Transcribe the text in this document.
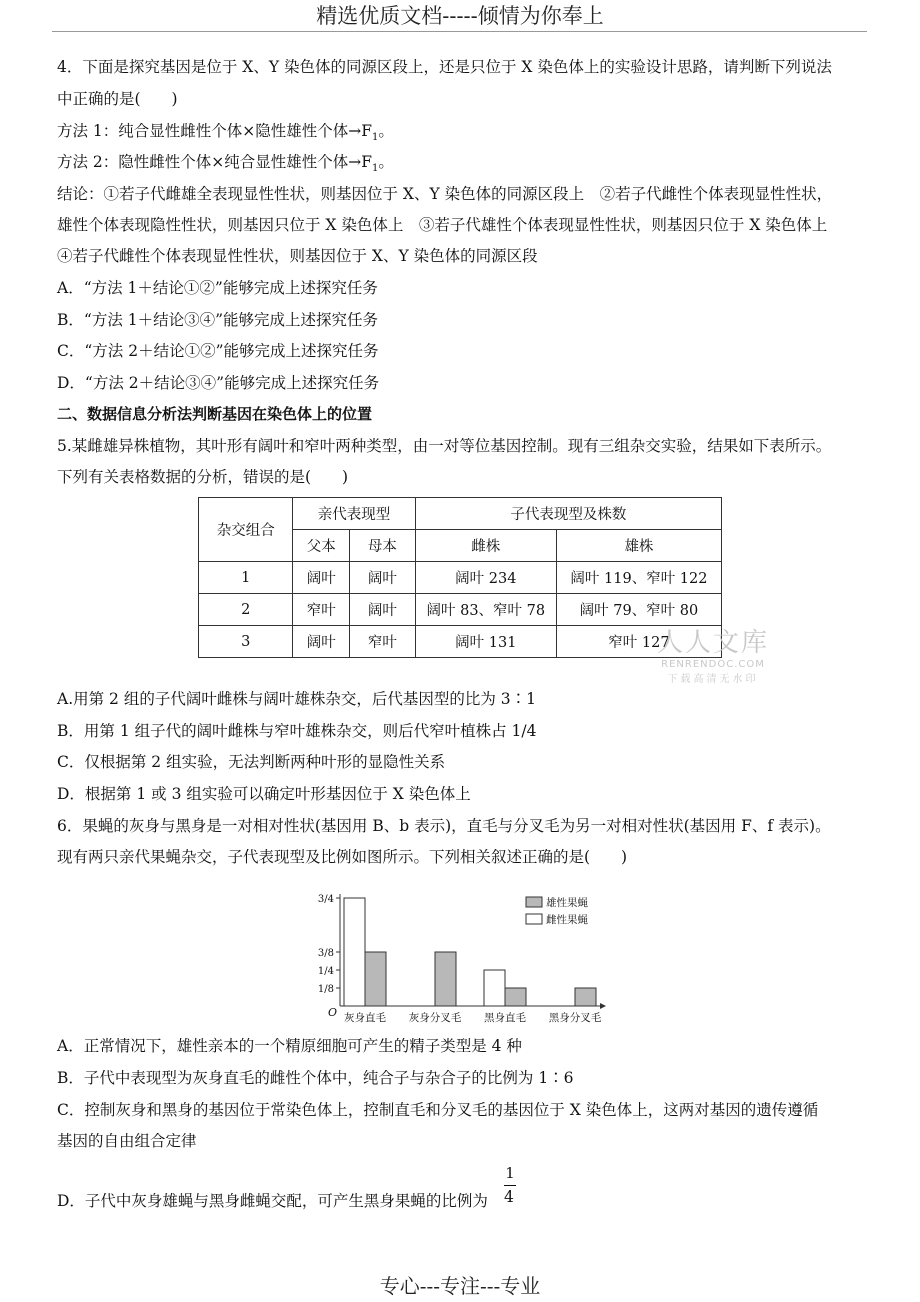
精选优质文档-----倾情为你奉上
4．下面是探究基因是位于 X、Y 染色体的同源区段上，还是只位于 X 染色体上的实验设计思路，请判断下列说法
中正确的是(　　)
方法 1：纯合显性雌性个体×隐性雄性个体$\to F_1$。
方法 2：隐性雌性个体×纯合显性雄性个体$\to F_1$。
结论：①若子代雌雄全表现显性性状，则基因位于 X、Y 染色体的同源区段上　②若子代雌性个体表现显性性状，
雄性个体表现隐性性状，则基因只位于 X 染色体上　③若子代雄性个体表现显性性状，则基因只位于 X 染色体上
④若子代雌性个体表现显性性状，则基因位于 X、Y 染色体的同源区段
A．“方法 1＋结论①②”能够完成上述探究任务
B．“方法 1＋结论③④”能够完成上述探究任务
C．“方法 2＋结论①②”能够完成上述探究任务
D．“方法 2＋结论③④”能够完成上述探究任务
二、数据信息分析法判断基因在染色体上的位置
5.某雌雄异株植物，其叶形有阔叶和窄叶两种类型，由一对等位基因控制。现有三组杂交实验，结果如下表所示。
下列有关表格数据的分析，错误的是(　　)
杂交组合	亲代表现型		子代表现型及株数	
	父本	母本	雌株	雄株
1	阔叶	阔叶	阔叶 234	阔叶 119、窄叶 122
2	窄叶	阔叶	阔叶 83、窄叶 78	阔叶 79、窄叶 80
3	阔叶	窄叶	阔叶 131	窄叶 127
人人文库
RENRENDOC.COM
下载高清无水印
A.用第 2 组的子代阔叶雌株与阔叶雄株杂交，后代基因型的比为 3∶1
B．用第 1 组子代的阔叶雌株与窄叶雄株杂交，则后代窄叶植株占 1/4
C．仅根据第 2 组实验，无法判断两种叶形的显隐性关系
D．根据第 1 或 3 组实验可以确定叶形基因位于 X 染色体上
6．果蝇的灰身与黑身是一对相对性状(基因用 B、b 表示)，直毛与分叉毛为另一对相对性状(基因用 F、f 表示)。
现有两只亲代果蝇杂交，子代表现型及比例如图所示。下列相关叙述正确的是(　　)
3/4
3/8
1/4
1/8
O 灰身直毛 灰身分叉毛 黑身直毛 黑身分叉毛
雄性果蝇
雌性果蝇
A．正常情况下，雄性亲本的一个精原细胞可产生的精子类型是 4 种
B．子代中表现型为灰身直毛的雌性个体中，纯合子与杂合子的比例为 1∶6
C．控制灰身和黑身的基因位于常染色体上，控制直毛和分叉毛的基因位于 X 染色体上，这两对基因的遗传遵循
基因的自由组合定律
1
D．子代中灰身雄蝇与黑身雌蝇交配，可产生黑身果蝇的比例为 4
专心---专注---专业
